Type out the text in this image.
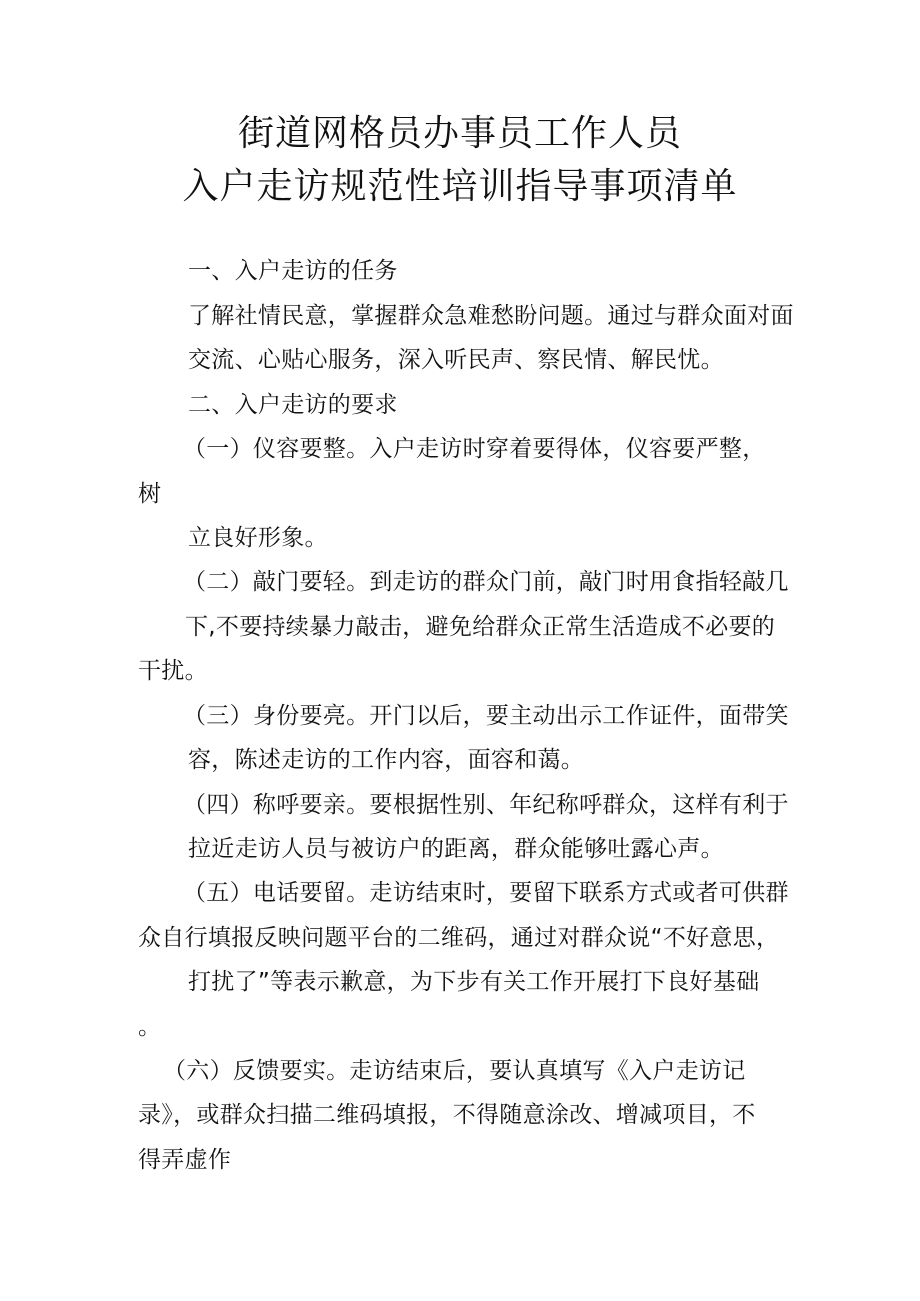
街道网格员办事员工作人员
入户走访规范性培训指导事项清单
一、入户走访的任务
了解社情民意，掌握群众急难愁盼问题。通过与群众面对面
交流、心贴心服务，深入听民声、察民情、解民忧。
二、入户走访的要求
（一）仪容要整。入户走访时穿着要得体，仪容要严整，
树
立良好形象。
（二）敲门要轻。到走访的群众门前，敲门时用食指轻敲几
下,不要持续暴力敲击，避免给群众正常生活造成不必要的
干扰。
（三）身份要亮。开门以后，要主动出示工作证件，面带笑
容，陈述走访的工作内容，面容和蔼。
（四）称呼要亲。要根据性别、年纪称呼群众，这样有利于
拉近走访人员与被访户的距离，群众能够吐露心声。
（五）电话要留。走访结束时，要留下联系方式或者可供群
众自行填报反映问题平台的二维码，通过对群众说“不好意思，
打扰了”等表示歉意，为下步有关工作开展打下良好基础
。
（六）反馈要实。走访结束后，要认真填写《入户走访记
录》，或群众扫描二维码填报，不得随意涂改、增减项目，不
得弄虚作
